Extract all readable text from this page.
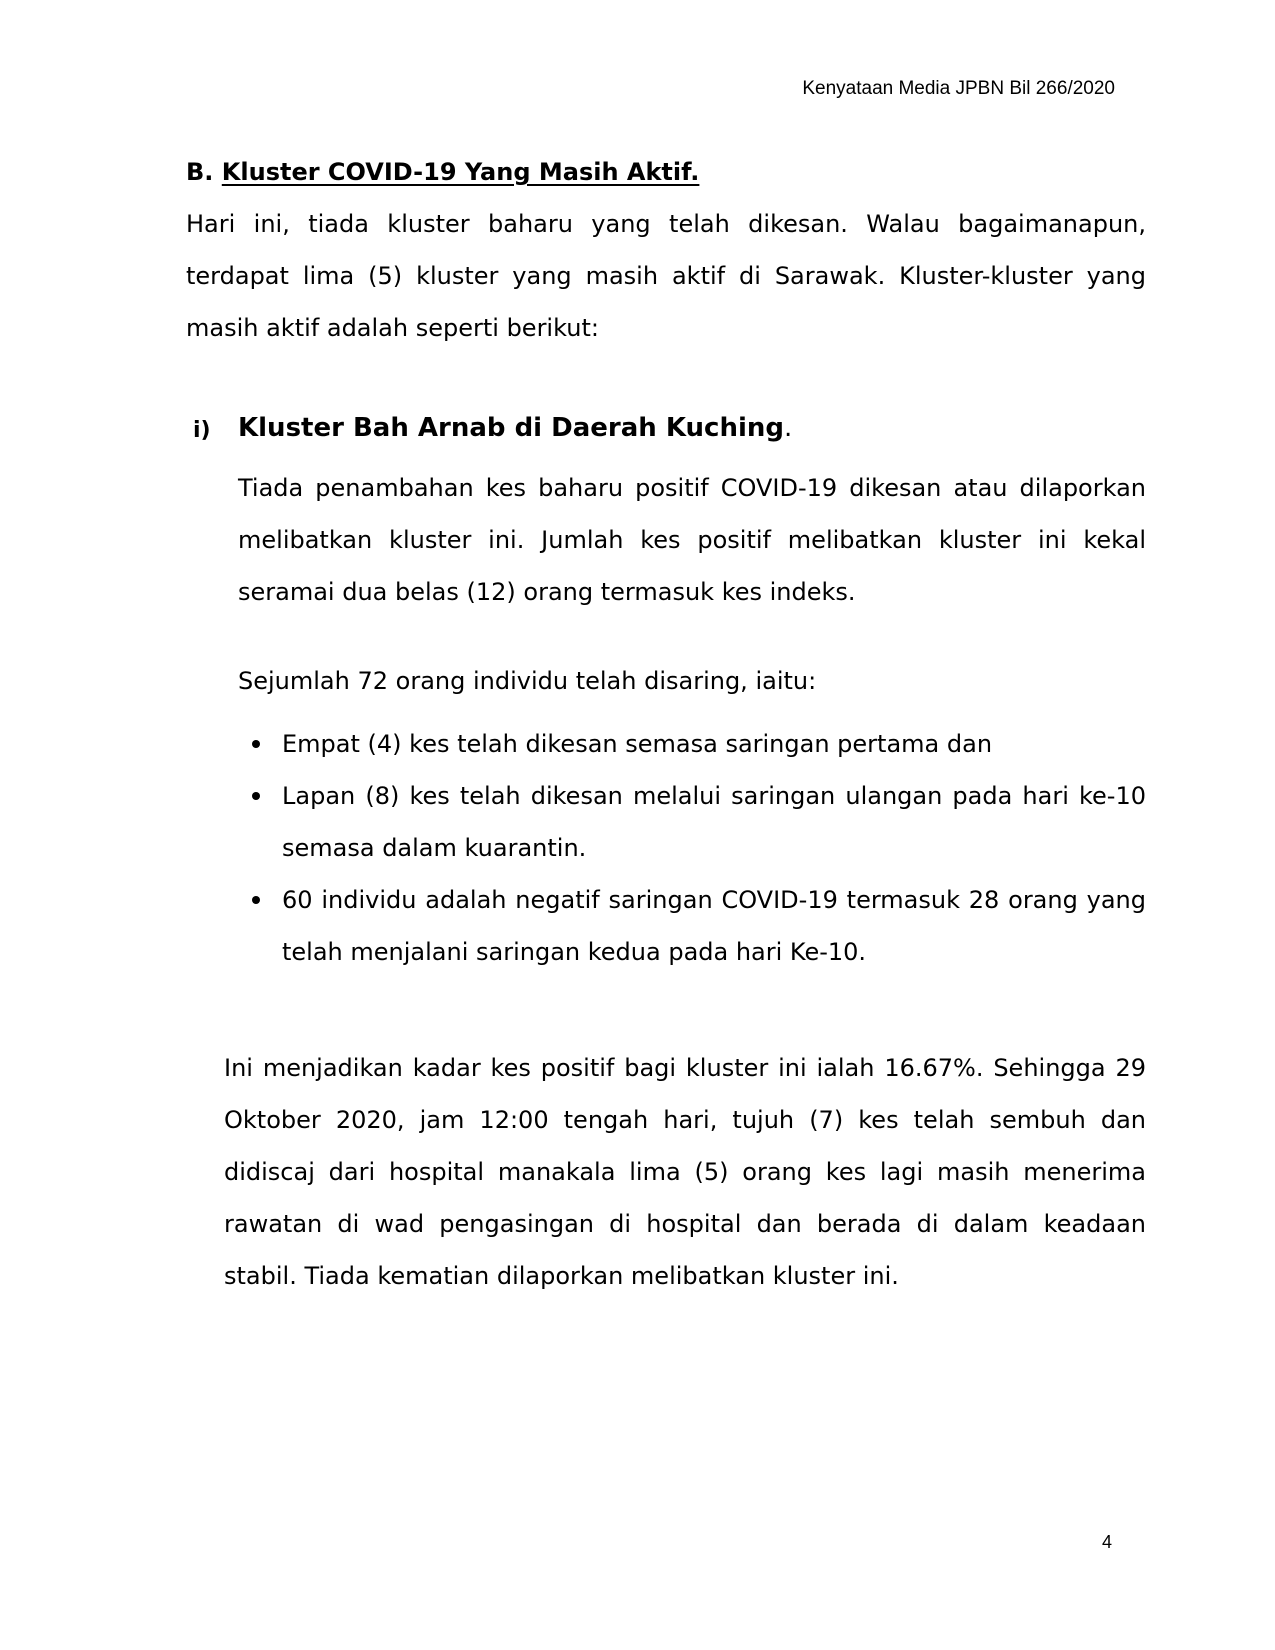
Kenyataan Media JPBN Bil 266/2020
B. Kluster COVID-19 Yang Masih Aktif.

Hari ini, tiada kluster baharu yang telah dikesan. Walau bagaimanapun, terdapat lima (5) kluster yang masih aktif di Sarawak. Kluster-kluster yang masih aktif adalah seperti berikut:

i) Kluster Bah Arnab di Daerah Kuching.

Tiada penambahan kes baharu positif COVID-19 dikesan atau dilaporkan melibatkan kluster ini. Jumlah kes positif melibatkan kluster ini kekal seramai dua belas (12) orang termasuk kes indeks.

Sejumlah 72 orang individu telah disaring, iaitu:

Empat (4) kes telah dikesan semasa saringan pertama dan
Lapan (8) kes telah dikesan melalui saringan ulangan pada hari ke-10 semasa dalam kuarantin.
60 individu adalah negatif saringan COVID-19 termasuk 28 orang yang telah menjalani saringan kedua pada hari Ke-10.

Ini menjadikan kadar kes positif bagi kluster ini ialah 16.67%. Sehingga 29 Oktober 2020, jam 12:00 tengah hari, tujuh (7) kes telah sembuh dan didiscaj dari hospital manakala lima (5) orang kes lagi masih menerima rawatan di wad pengasingan di hospital dan berada di dalam keadaan stabil. Tiada kematian dilaporkan melibatkan kluster ini.

4
